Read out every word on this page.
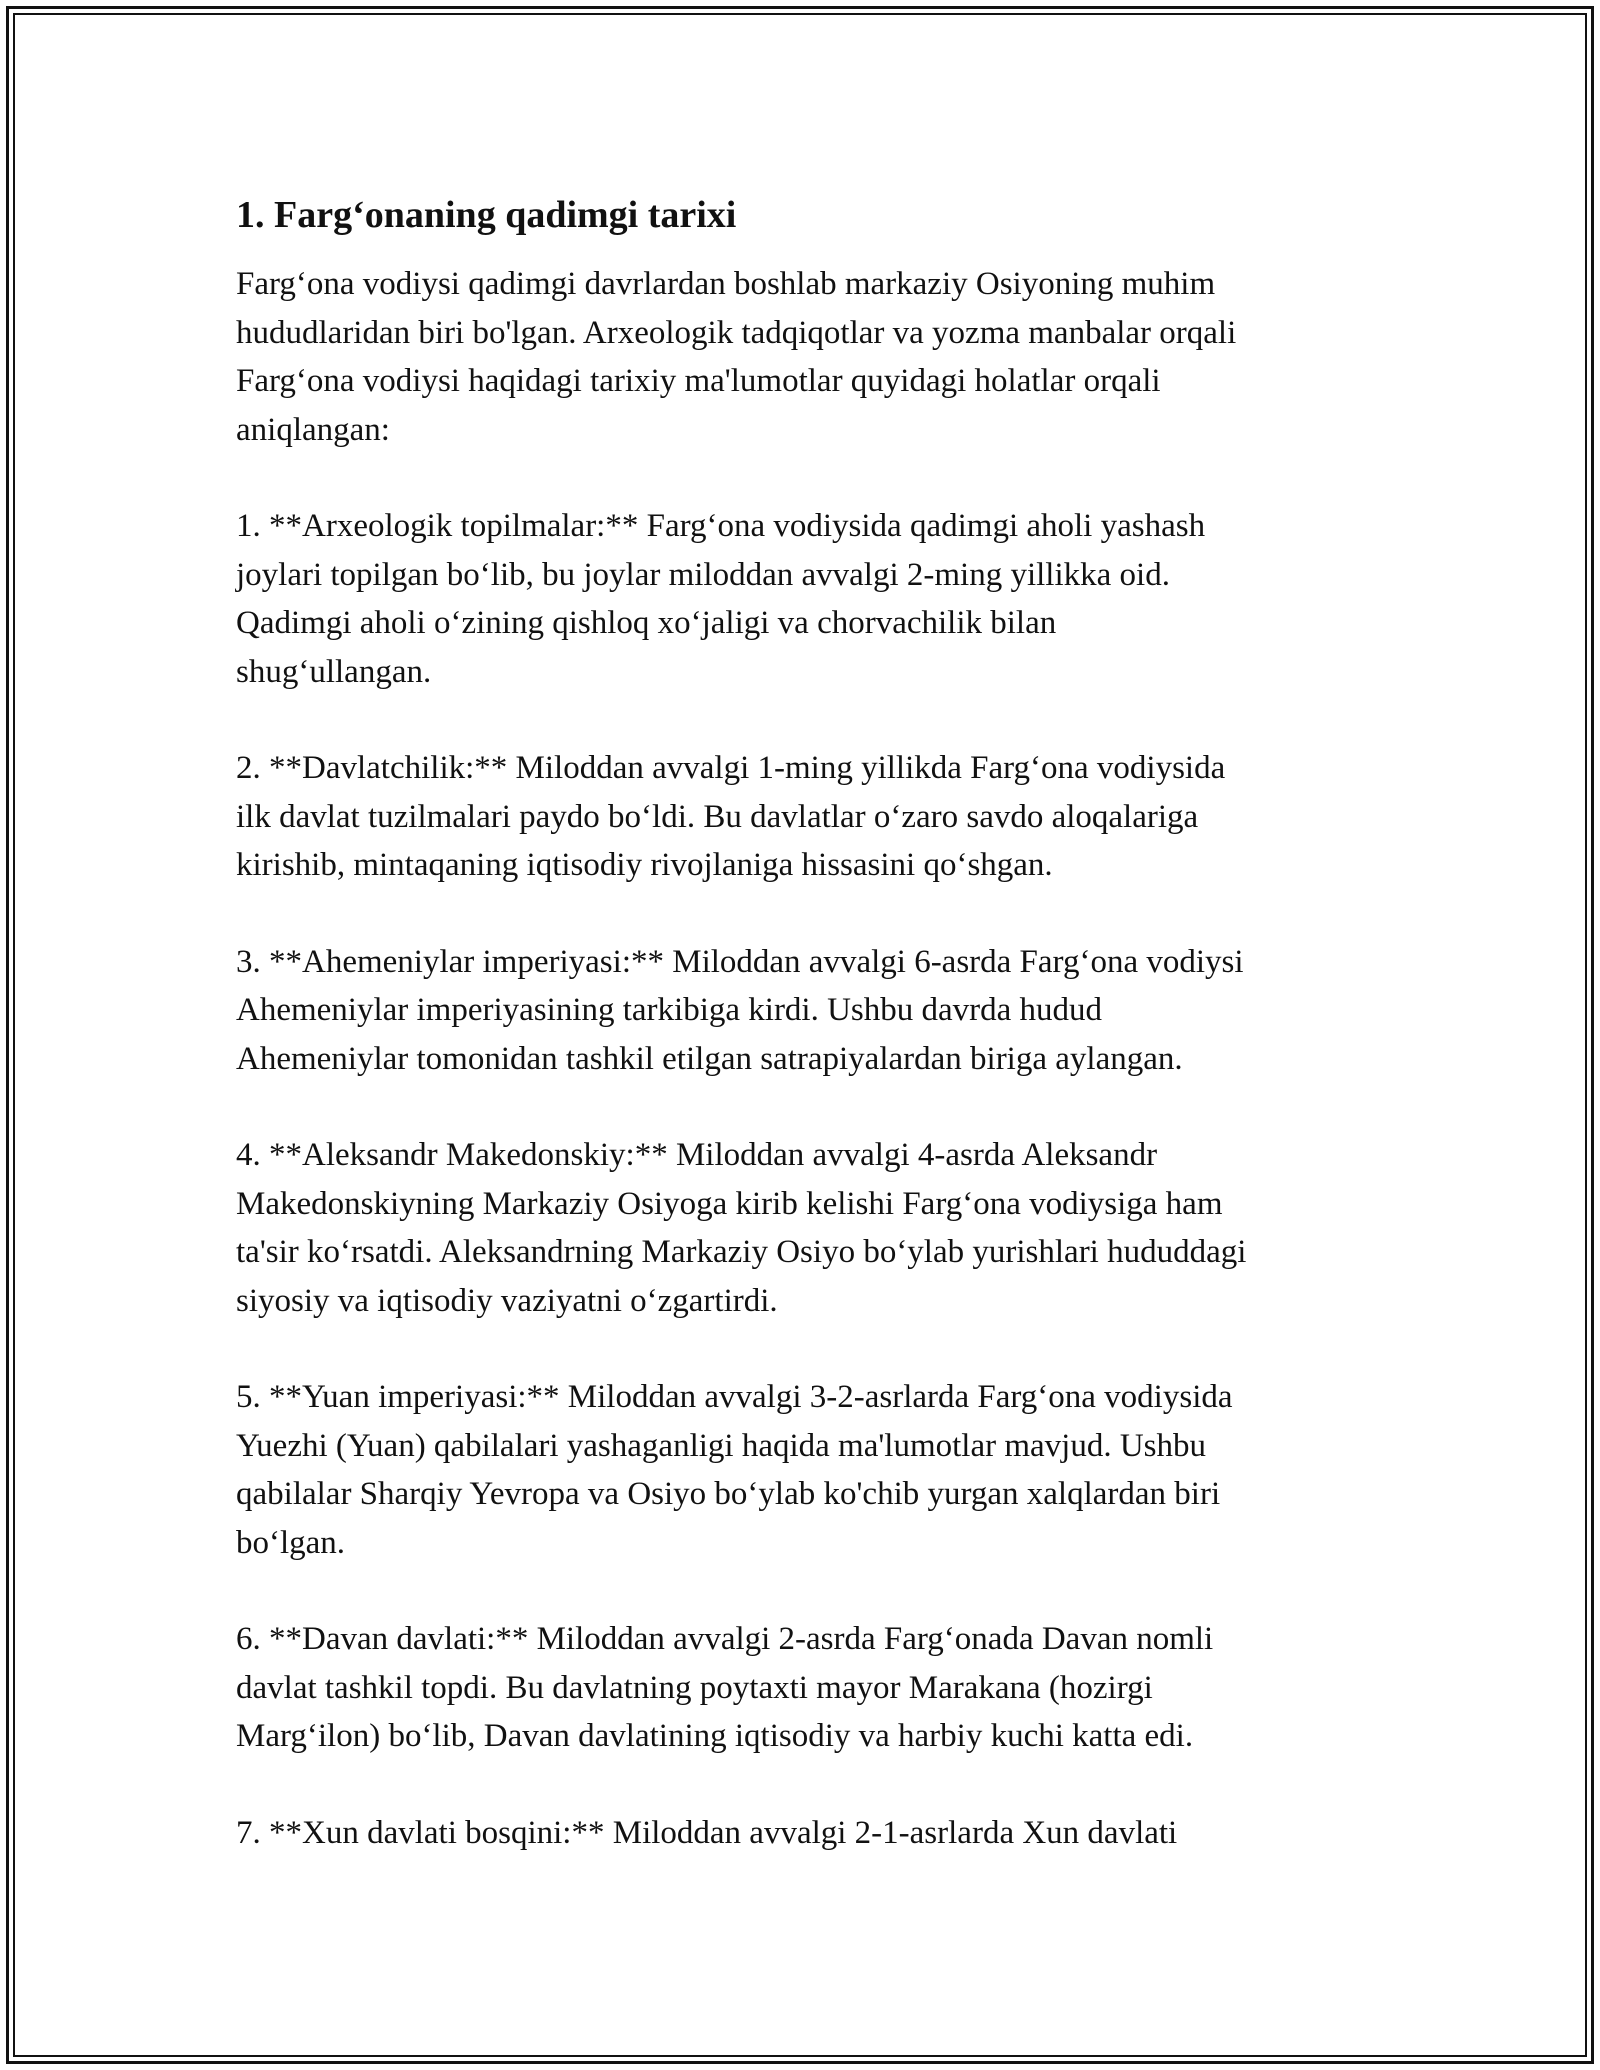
1. Farg‘onaning qadimgi tarixi
Farg‘ona vodiysi qadimgi davrlardan boshlab markaziy Osiyoning muhim
hududlaridan biri bo'lgan. Arxeologik tadqiqotlar va yozma manbalar orqali
Farg‘ona vodiysi haqidagi tarixiy ma'lumotlar quyidagi holatlar orqali
aniqlangan:
1. **Arxeologik topilmalar:** Farg‘ona vodiysida qadimgi aholi yashash
joylari topilgan bo‘lib, bu joylar miloddan avvalgi 2-ming yillikka oid.
Qadimgi aholi o‘zining qishloq xo‘jaligi va chorvachilik bilan
shug‘ullangan.
2. **Davlatchilik:** Miloddan avvalgi 1-ming yillikda Farg‘ona vodiysida
ilk davlat tuzilmalari paydo bo‘ldi. Bu davlatlar o‘zaro savdo aloqalariga
kirishib, mintaqaning iqtisodiy rivojlaniga hissasini qo‘shgan.
3. **Ahemeniylar imperiyasi:** Miloddan avvalgi 6-asrda Farg‘ona vodiysi
Ahemeniylar imperiyasining tarkibiga kirdi. Ushbu davrda hudud
Ahemeniylar tomonidan tashkil etilgan satrapiyalardan biriga aylangan.
4. **Aleksandr Makedonskiy:** Miloddan avvalgi 4-asrda Aleksandr
Makedonskiyning Markaziy Osiyoga kirib kelishi Farg‘ona vodiysiga ham
ta'sir ko‘rsatdi. Aleksandrning Markaziy Osiyo bo‘ylab yurishlari hududdagi
siyosiy va iqtisodiy vaziyatni o‘zgartirdi.
5. **Yuan imperiyasi:** Miloddan avvalgi 3-2-asrlarda Farg‘ona vodiysida
Yuezhi (Yuan) qabilalari yashaganligi haqida ma'lumotlar mavjud. Ushbu
qabilalar Sharqiy Yevropa va Osiyo bo‘ylab ko'chib yurgan xalqlardan biri
bo‘lgan.
6. **Davan davlati:** Miloddan avvalgi 2-asrda Farg‘onada Davan nomli
davlat tashkil topdi. Bu davlatning poytaxti mayor Marakana (hozirgi
Marg‘ilon) bo‘lib, Davan davlatining iqtisodiy va harbiy kuchi katta edi.
7. **Xun davlati bosqini:** Miloddan avvalgi 2-1-asrlarda Xun davlati
